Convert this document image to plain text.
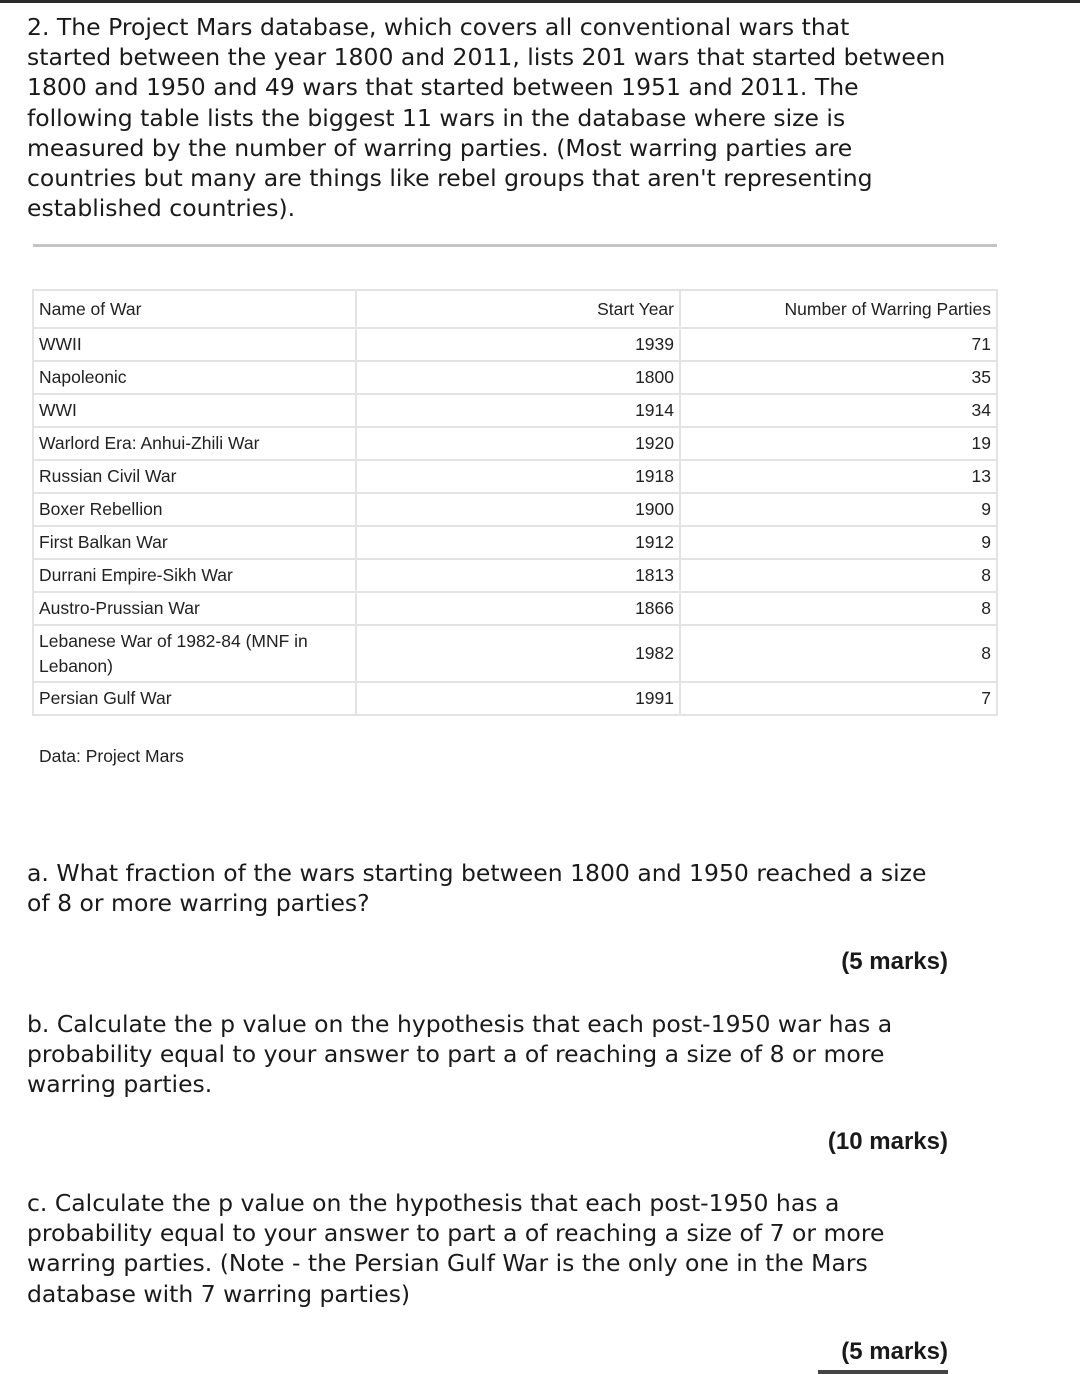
2. The Project Mars database, which covers all conventional wars that
started between the year 1800 and 2011, lists 201 wars that started between
1800 and 1950 and 49 wars that started between 1951 and 2011. The
following table lists the biggest 11 wars in the database where size is
measured by the number of warring parties. (Most warring parties are
countries but many are things like rebel groups that aren't representing
established countries).
Name of War	Start Year	Number of Warring Parties
WWII	1939	71
Napoleonic	1800	35
WWI	1914	34
Warlord Era: Anhui-Zhili War	1920	19
Russian Civil War	1918	13
Boxer Rebellion	1900	9
First Balkan War	1912	9
Durrani Empire-Sikh War	1813	8
Austro-Prussian War	1866	8
Lebanese War of 1982-84 (MNF in Lebanon)	1982	8
Persian Gulf War	1991	7
Data: Project Mars
a. What fraction of the wars starting between 1800 and 1950 reached a size
of 8 or more warring parties?
(5 marks)
b. Calculate the p value on the hypothesis that each post-1950 war has a
probability equal to your answer to part a of reaching a size of 8 or more
warring parties.
(10 marks)
c. Calculate the p value on the hypothesis that each post-1950 has a
probability equal to your answer to part a of reaching a size of 7 or more
warring parties. (Note - the Persian Gulf War is the only one in the Mars
database with 7 warring parties)
(5 marks)
